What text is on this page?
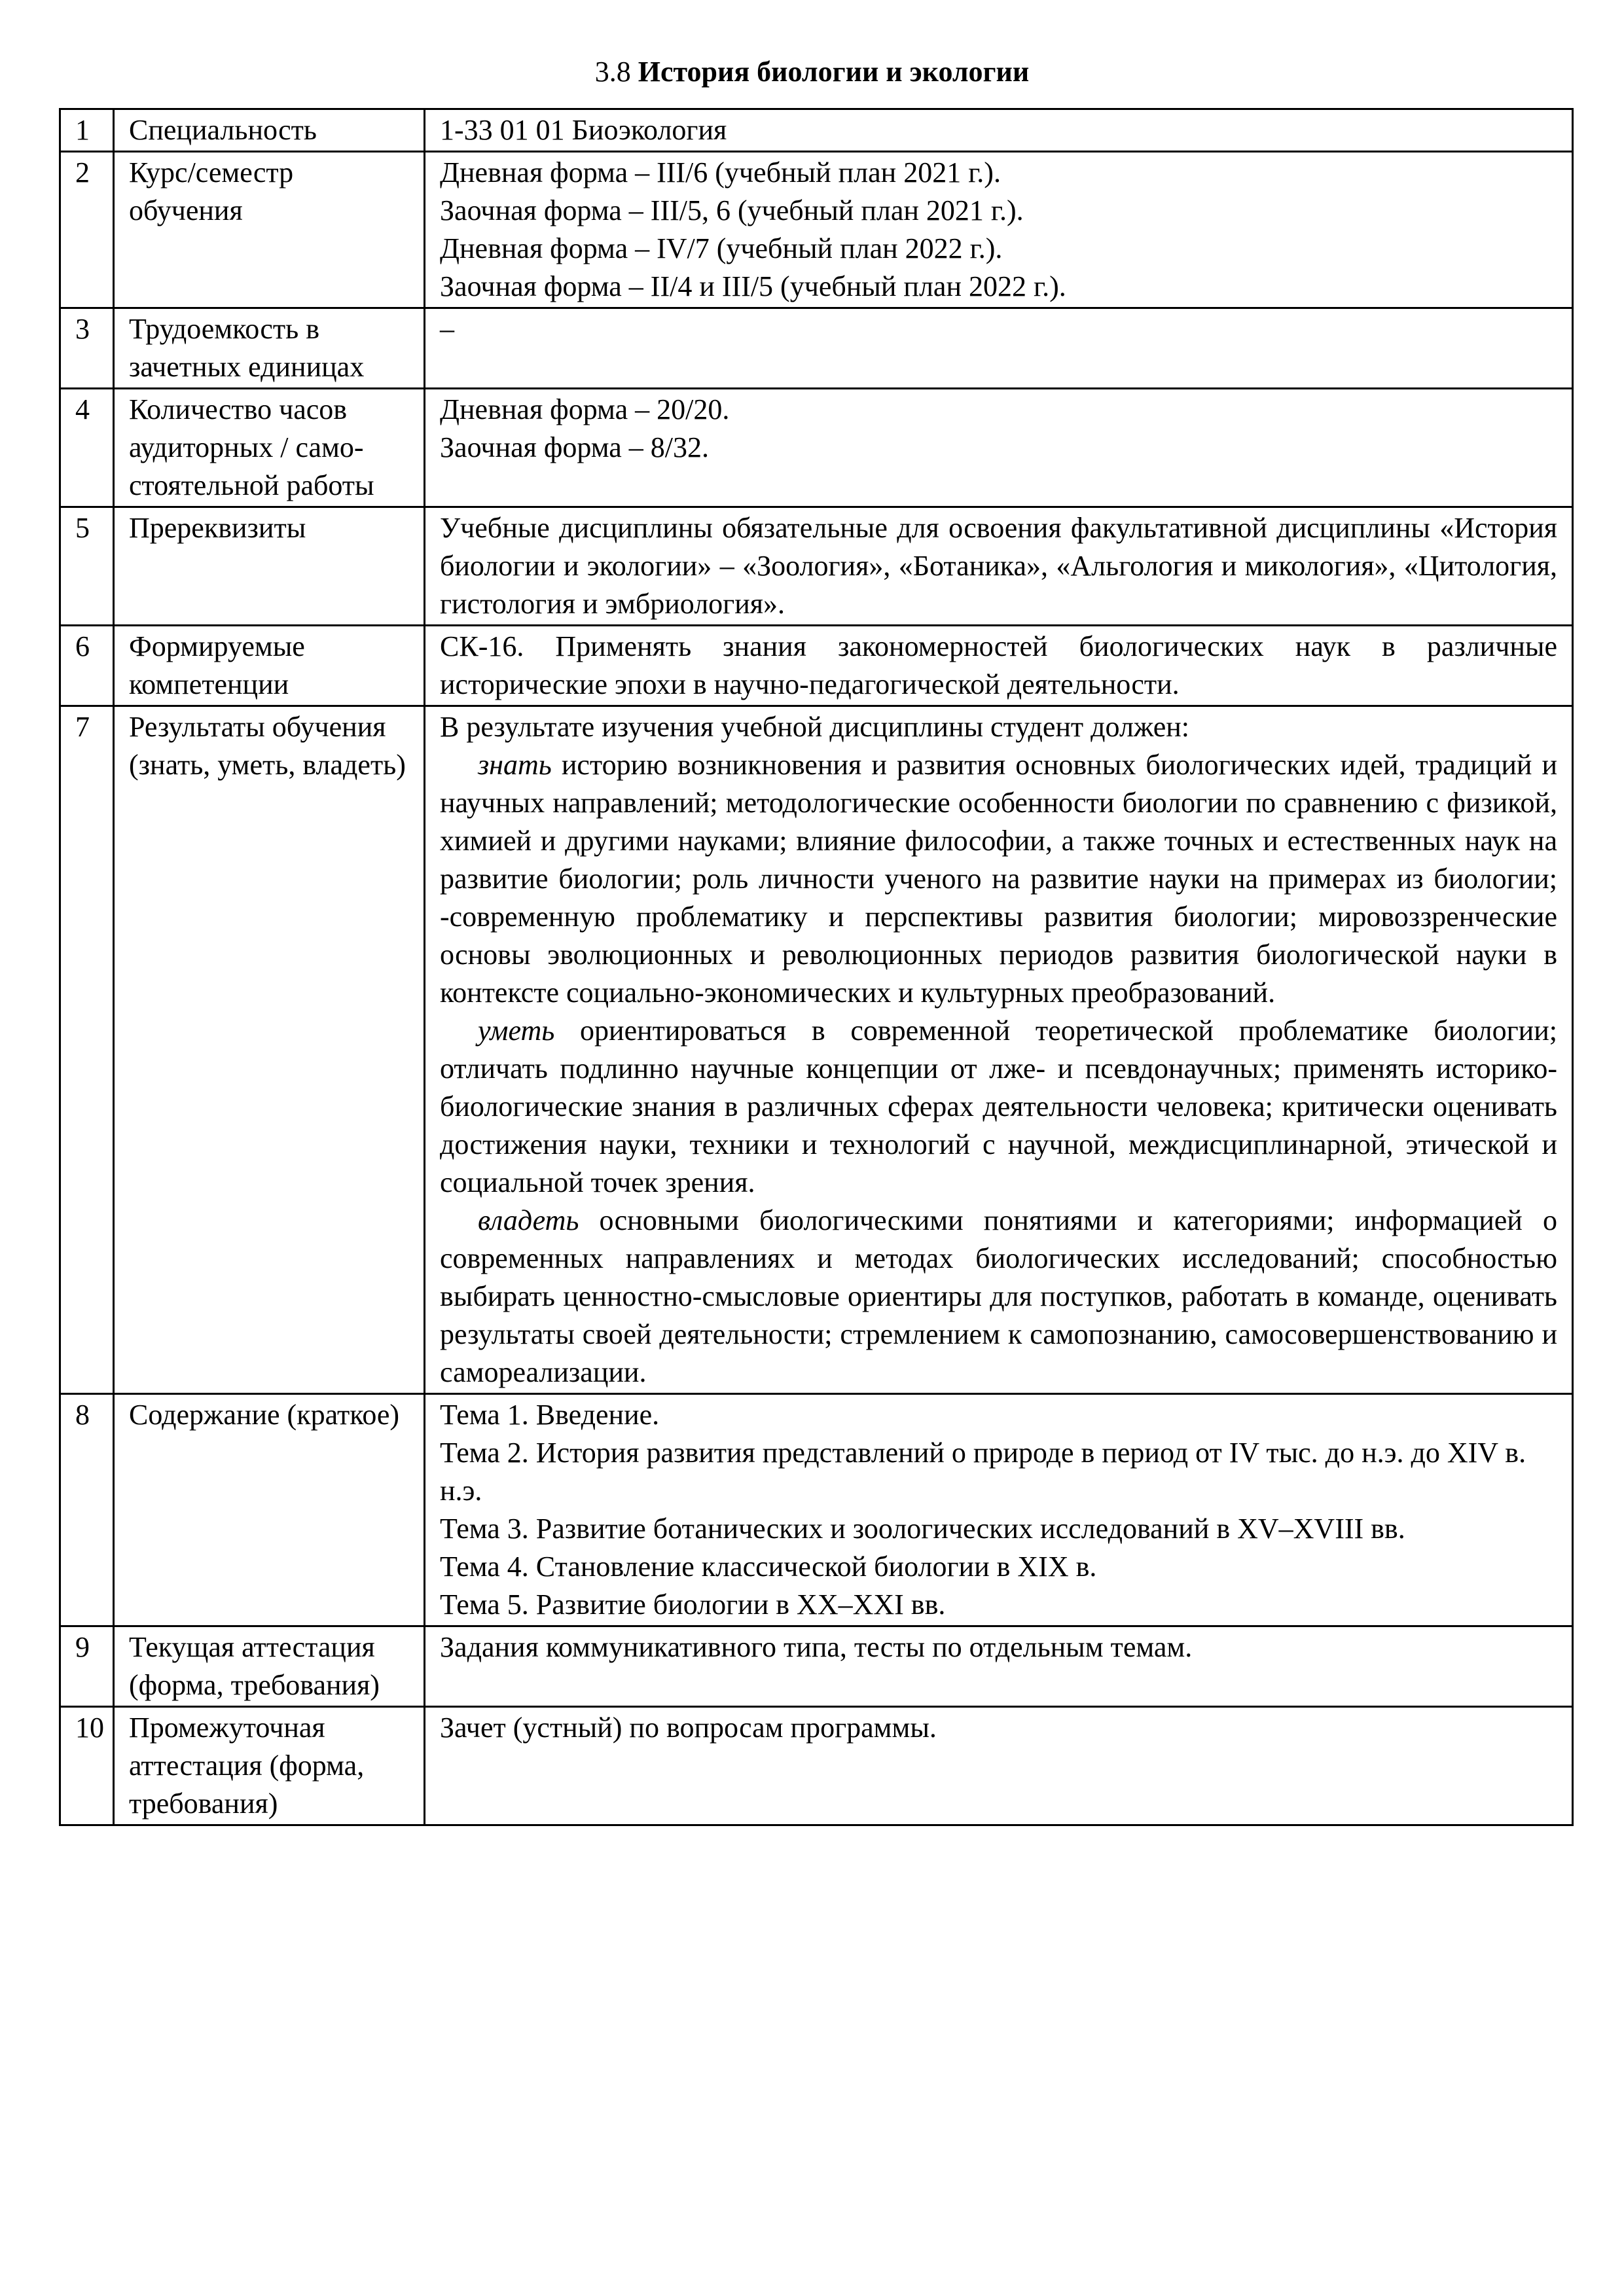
3.8 История биологии и экологии
1	Специальность	1-33 01 01 Биоэкология

2	Курс/семестр обучения	Дневная форма – III/6 (учебный план 2021 г.).
Заочная форма – III/5, 6 (учебный план 2021 г.).
Дневная форма – IV/7 (учебный план 2022 г.).
Заочная форма – II/4 и III/5 (учебный план 2022 г.).

3	Трудоемкость в зачетных единицах	–

4	Количество часов аудиторных / само-стоятельной работы	Дневная форма – 20/20.
Заочная форма – 8/32.

5	Пререквизиты	Учебные дисциплины обязательные для освоения факультативной дисциплины «История биологии и экологии» – «Зоология», «Ботаника», «Альгология и микология», «Цитология, гистология и эмбриология».
6	Формируемые компетенции	СК-16. Применять знания закономерностей биологических наук в различные исторические эпохи в научно-педагогической деятельности.
7	Результаты обучения (знать, уметь, владеть)	В результате изучения учебной дисциплины студент должен:
знать историю возникновения и развития основных биологических идей, традиций и научных направлений; методологические особенности биологии по сравнению с физикой, химией и другими науками; влияние философии, а также точных и естественных наук на развитие биологии; роль личности ученого на развитие науки на примерах из биологии; -современную проблематику и перспективы развития биологии; мировоззренческие основы эволюционных и революционных периодов развития биологической науки в контексте социально-экономических и культурных преобразований.
уметь ориентироваться в современной теоретической проблематике биологии; отличать подлинно научные концепции от лже- и псевдонаучных; применять историко-биологические знания в различных сферах деятельности человека; критически оценивать достижения науки, техники и технологий с научной, междисциплинарной, этической и социальной точек зрения.
владеть основными биологическими понятиями и категориями; информацией о современных направлениях и методах биологических исследований; способностью выбирать ценностно-смысловые ориентиры для поступков, работать в команде, оценивать результаты своей деятельности; стремлением к самопознанию, самосовершенствованию и самореализации.

8	Содержание (краткое)	Тема 1. Введение.
Тема 2. История развития представлений о природе в период от IV тыс. до н.э. до XIV в. н.э.
Тема 3. Развитие ботанических и зоологических исследований в XV–XVIII вв.
Тема 4. Становление классической биологии в XIX в.
Тема 5. Развитие биологии в XX–XXI вв.

9	Текущая аттестация (форма, требования)	Задания коммуникативного типа, тесты по отдельным темам.

10	Промежуточная аттестация (форма, требования)	Зачет (устный) по вопросам программы.
